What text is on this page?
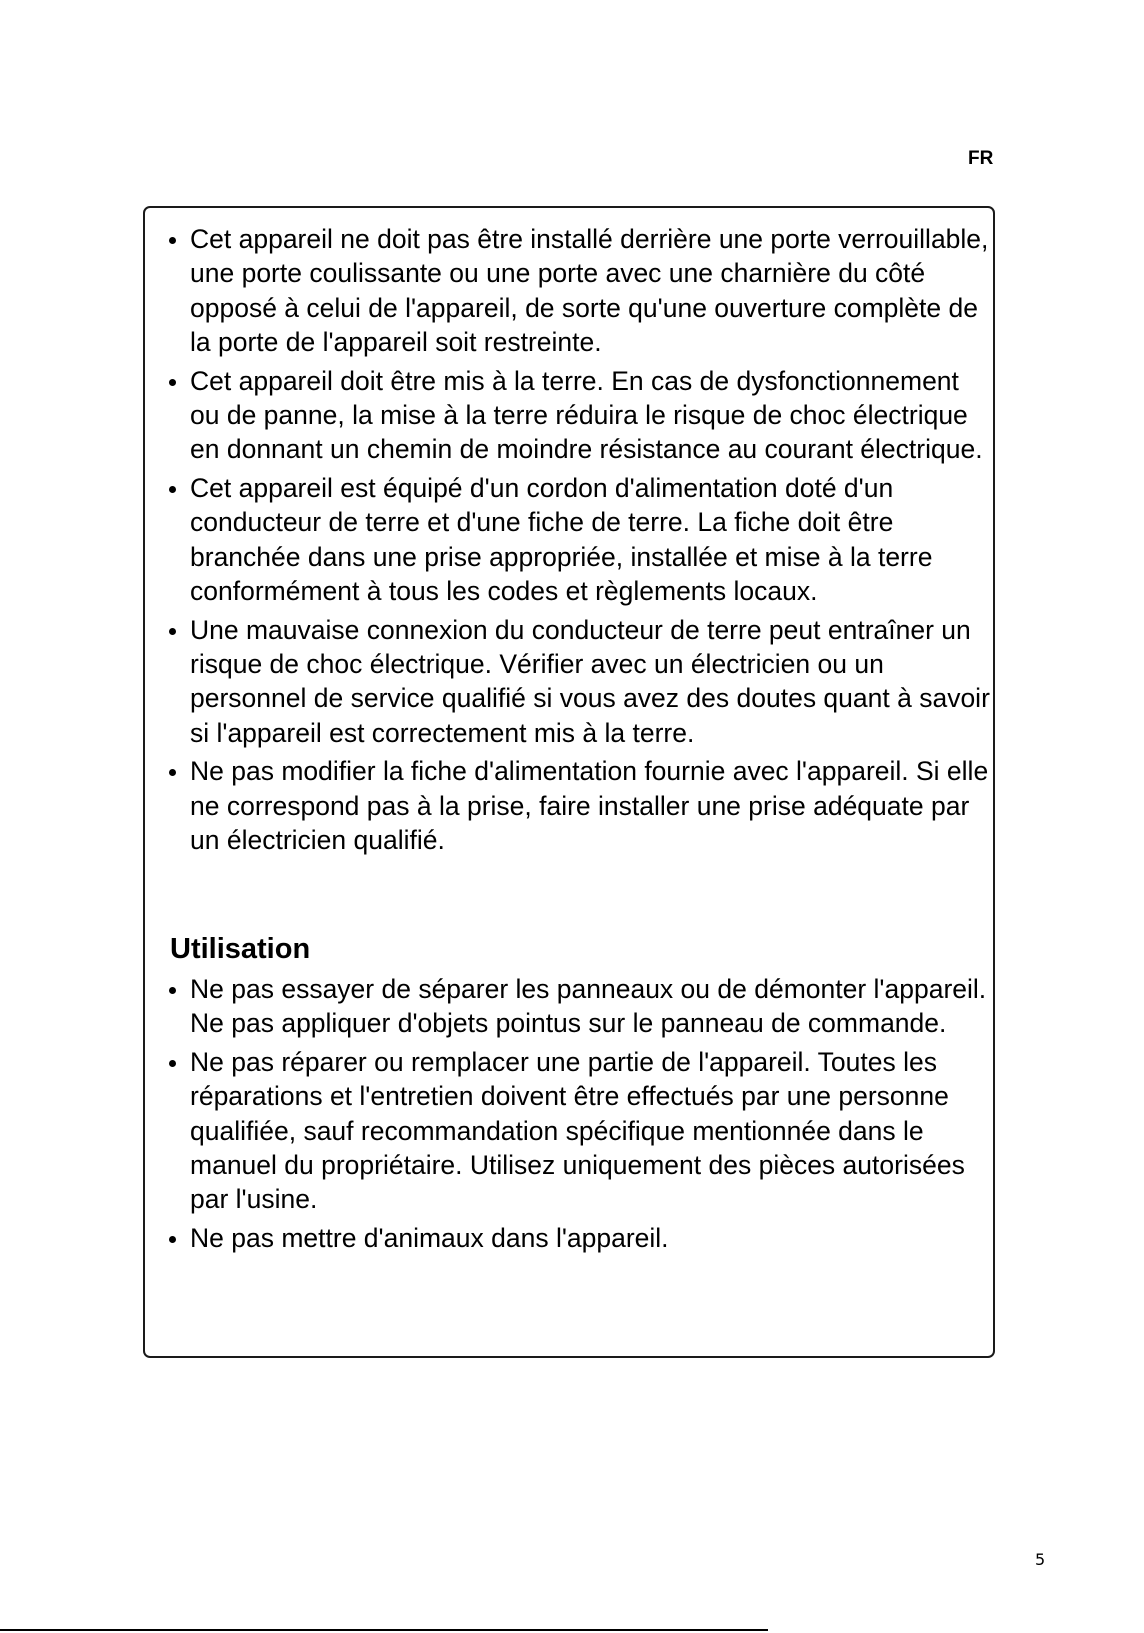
FR
Cet appareil ne doit pas être installé derrière une porte verrouillable, une porte coulissante ou une porte avec une charnière du côté opposé à celui de l'appareil, de sorte qu'une ouverture complète de la porte de l'appareil soit restreinte.
Cet appareil doit être mis à la terre. En cas de dysfonctionnement ou de panne, la mise à la terre réduira le risque de choc électrique en donnant un chemin de moindre résistance au courant électrique.
Cet appareil est équipé d'un cordon d'alimentation doté d'un conducteur de terre et d'une fiche de terre. La fiche doit être branchée dans une prise appropriée, installée et mise à la terre conformément à tous les codes et règlements locaux.
Une mauvaise connexion du conducteur de terre peut entraîner un risque de choc électrique. Vérifier avec un électricien ou un personnel de service qualifié si vous avez des doutes quant à savoir si l'appareil est correctement mis à la terre.
Ne pas modifier la fiche d'alimentation fournie avec l'appareil. Si elle ne correspond pas à la prise, faire installer une prise adéquate par un électricien qualifié.
Utilisation
Ne pas essayer de séparer les panneaux ou de démonter l'appareil. Ne pas appliquer d'objets pointus sur le panneau de commande.
Ne pas réparer ou remplacer une partie de l'appareil. Toutes les réparations et l'entretien doivent être effectués par une personne qualifiée, sauf recommandation spécifique mentionnée dans le manuel du propriétaire. Utilisez uniquement des pièces autorisées par l'usine.
Ne pas mettre d'animaux dans l'appareil.
5
